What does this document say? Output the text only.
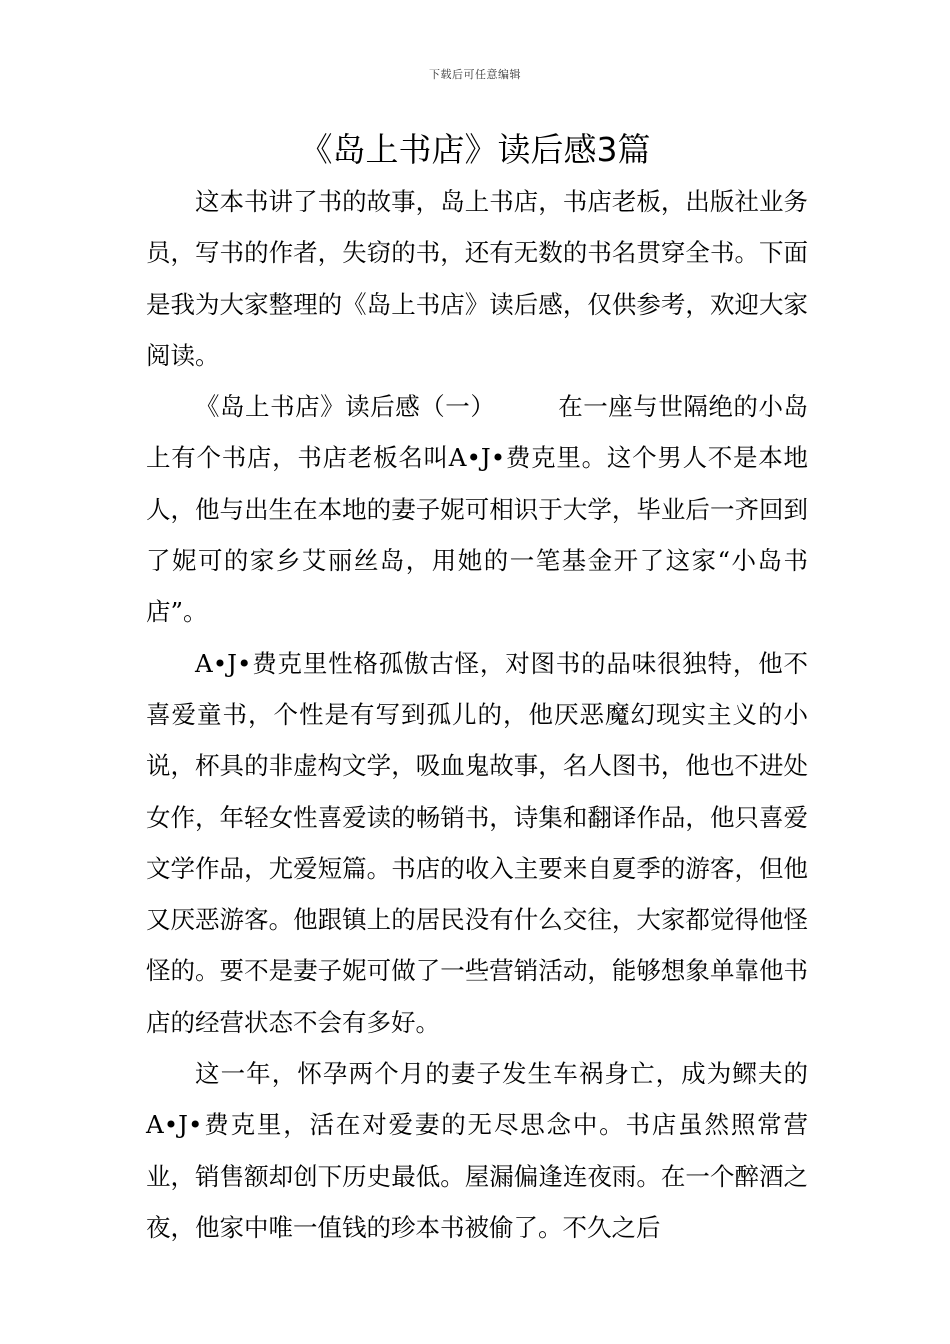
下载后可任意编辑
《岛上书店》读后感3篇

这本书讲了书的故事，岛上书店，书店老板，出版社业务员，写书的作者，失窃的书，还有无数的书名贯穿全书。下面是我为大家整理的《岛上书店》读后感，仅供参考，欢迎大家阅读。

《岛上书店》读后感（一）　　　在一座与世隔绝的小岛上有个书店，书店老板名叫A•J•费克里。这个男人不是本地人，他与出生在本地的妻子妮可相识于大学，毕业后一齐回到了妮可的家乡艾丽丝岛，用她的一笔基金开了这家“小岛书店”。

A•J•费克里性格孤傲古怪，对图书的品味很独特，他不喜爱童书，个性是有写到孤儿的，他厌恶魔幻现实主义的小说，杯具的非虚构文学，吸血鬼故事，名人图书，他也不进处女作，年轻女性喜爱读的畅销书，诗集和翻译作品，他只喜爱文学作品，尤爱短篇。书店的收入主要来自夏季的游客，但他又厌恶游客。他跟镇上的居民没有什么交往，大家都觉得他怪怪的。要不是妻子妮可做了一些营销活动，能够想象单靠他书店的经营状态不会有多好。

这一年，怀孕两个月的妻子发生车祸身亡，成为鳏夫的A•J•费克里，活在对爱妻的无尽思念中。书店虽然照常营业，销售额却创下历史最低。屋漏偏逢连夜雨。在一个醉酒之夜，他家中唯一值钱的珍本书被偷了。不久之后
